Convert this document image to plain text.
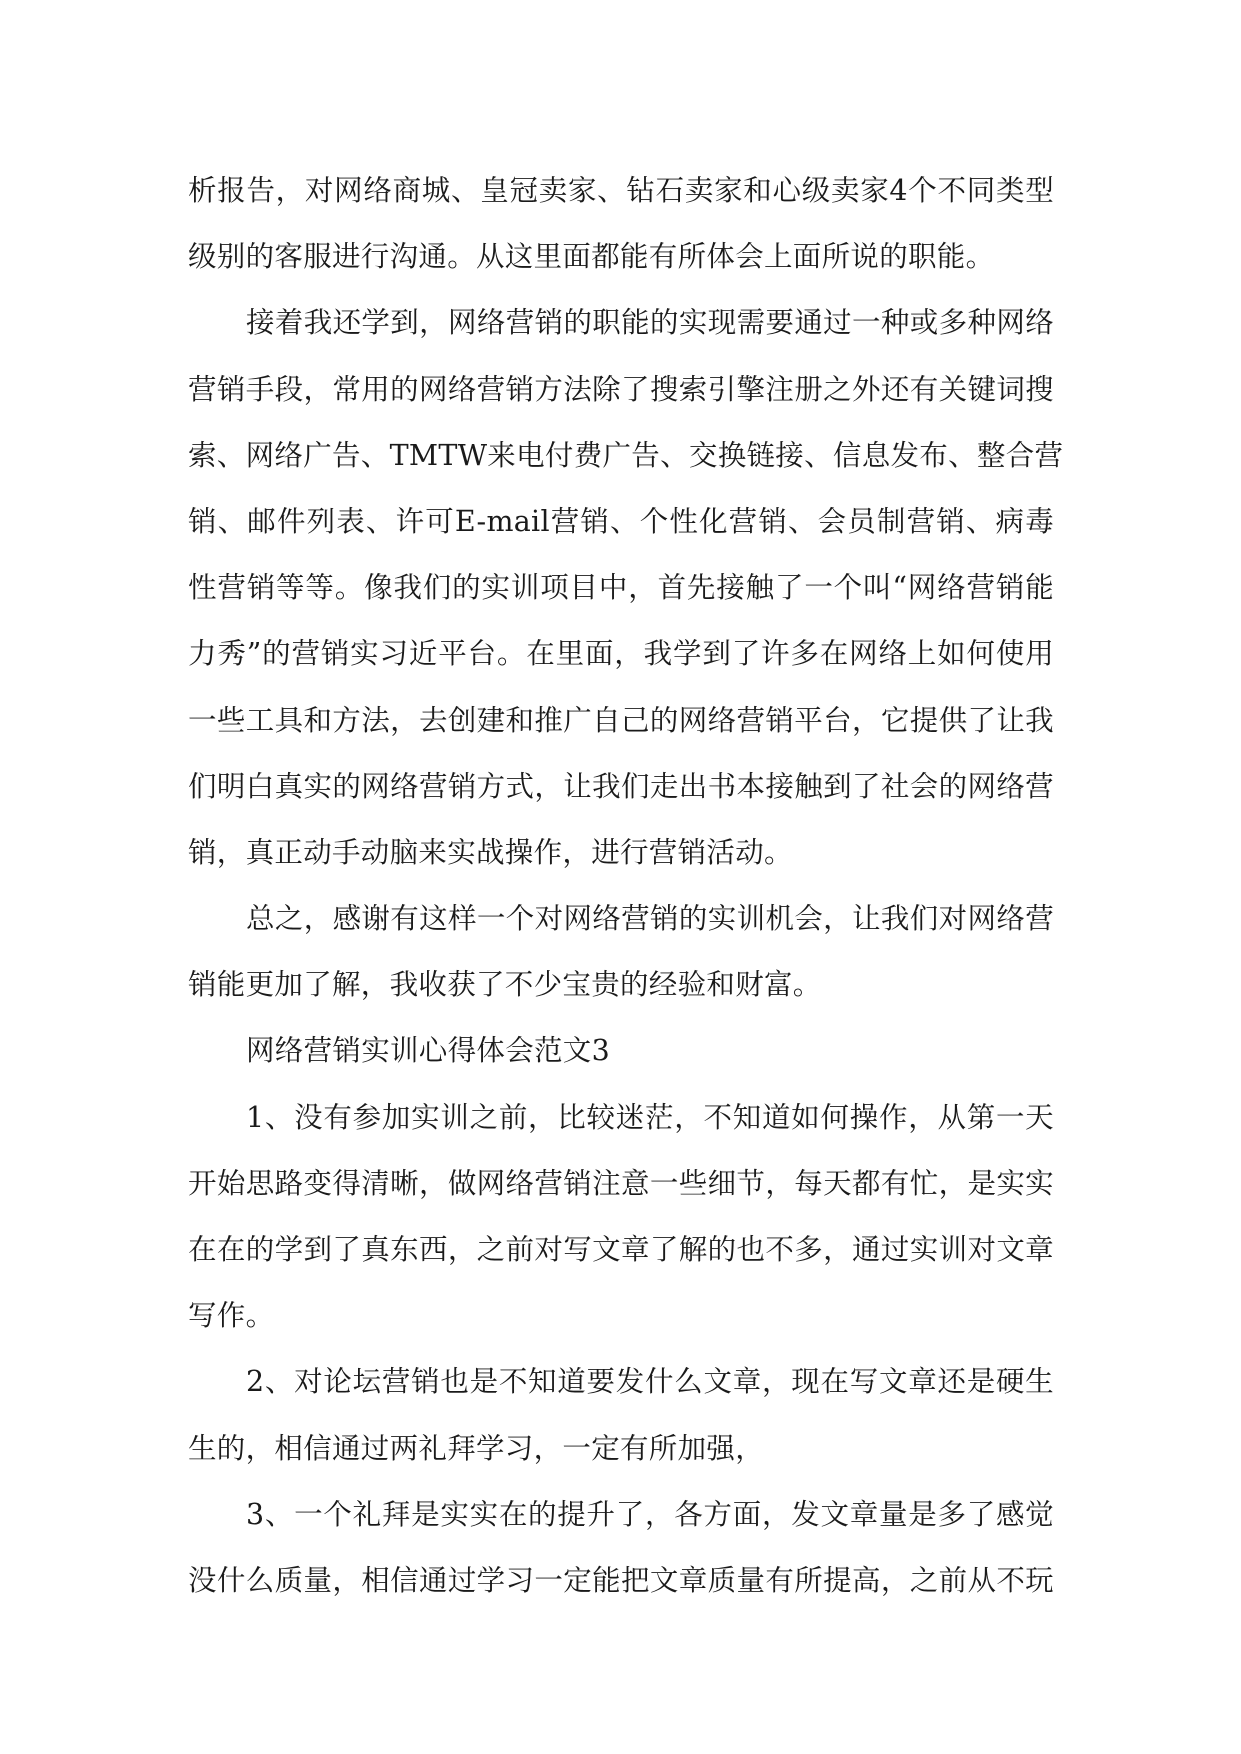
析报告，对网络商城、皇冠卖家、钻石卖家和心级卖家4个不同类型
级别的客服进行沟通。从这里面都能有所体会上面所说的职能。
接着我还学到，网络营销的职能的实现需要通过一种或多种网络
营销手段，常用的网络营销方法除了搜索引擎注册之外还有关键词搜
索、网络广告、TMTW来电付费广告、交换链接、信息发布、整合营
销、邮件列表、许可E-mail营销、个性化营销、会员制营销、病毒
性营销等等。像我们的实训项目中，首先接触了一个叫“网络营销能
力秀”的营销实习近平台。在里面，我学到了许多在网络上如何使用
一些工具和方法，去创建和推广自己的网络营销平台，它提供了让我
们明白真实的网络营销方式，让我们走出书本接触到了社会的网络营
销，真正动手动脑来实战操作，进行营销活动。
总之，感谢有这样一个对网络营销的实训机会，让我们对网络营
销能更加了解，我收获了不少宝贵的经验和财富。
网络营销实训心得体会范文3
1、没有参加实训之前，比较迷茫，不知道如何操作，从第一天
开始思路变得清晰，做网络营销注意一些细节，每天都有忙，是实实
在在的学到了真东西，之前对写文章了解的也不多，通过实训对文章
写作。
2、对论坛营销也是不知道要发什么文章，现在写文章还是硬生
生的，相信通过两礼拜学习，一定有所加强，
3、一个礼拜是实实在的提升了，各方面，发文章量是多了感觉
没什么质量，相信通过学习一定能把文章质量有所提高，之前从不玩
